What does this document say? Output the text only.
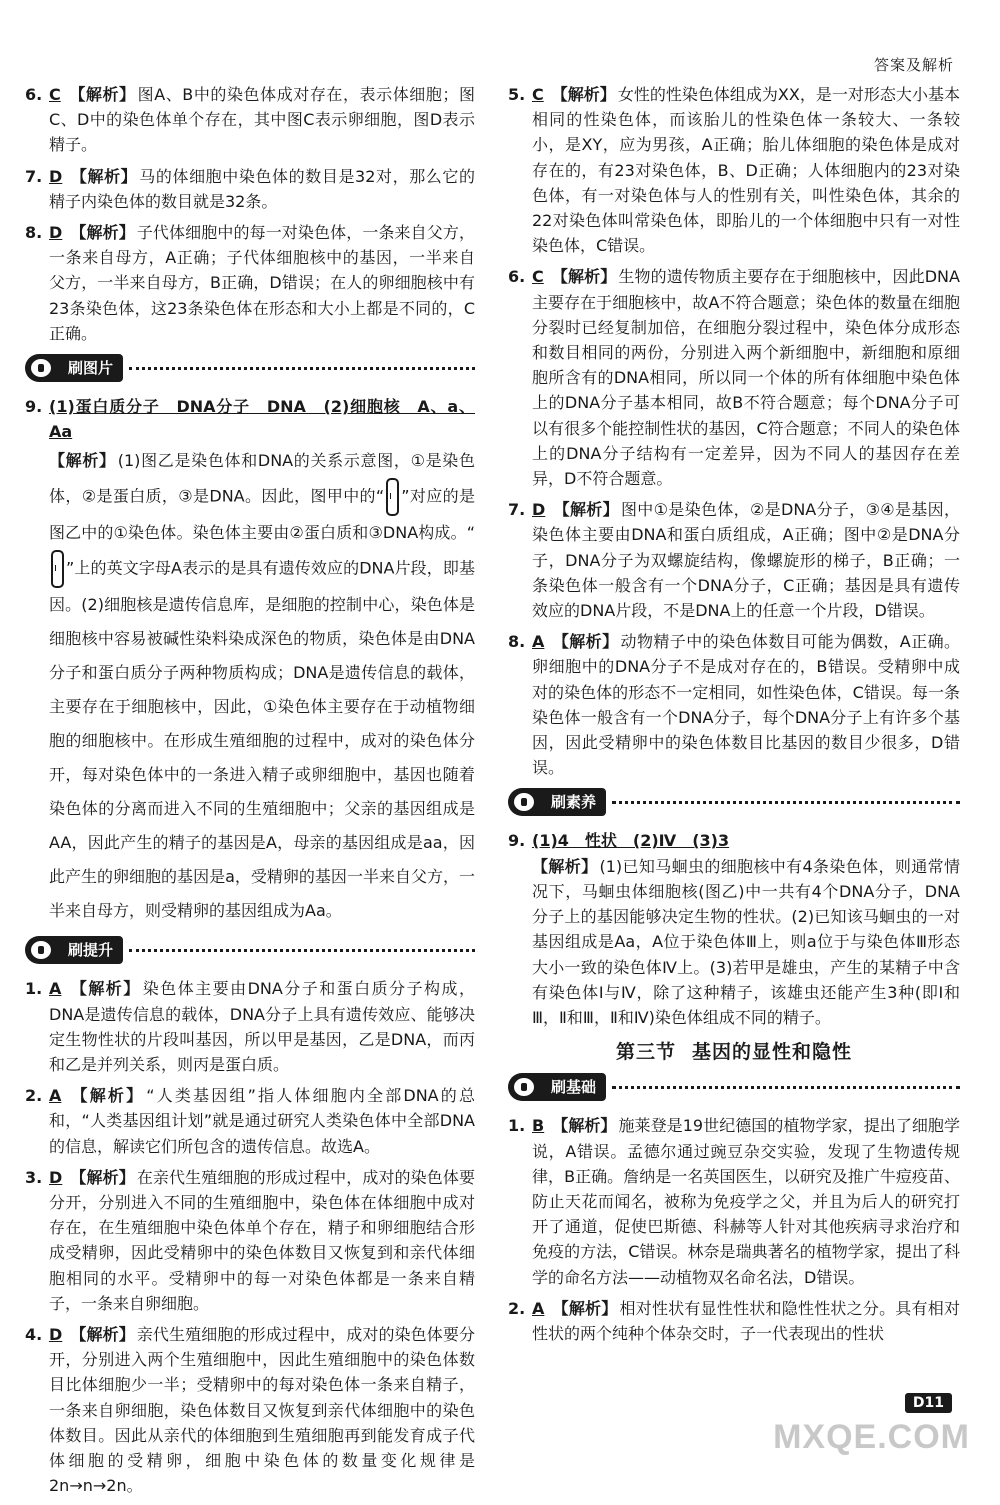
答案及解析
6. C 【解析】 图A、B中的染色体成对存在，表示体细胞；图C、D中的染色体单个存在，其中图C表示卵细胞，图D表示精子。
7. D 【解析】 马的体细胞中染色体的数目是32对，那么它的精子内染色体的数目就是32条。
8. D 【解析】 子代体细胞中的每一对染色体，一条来自父方，一条来自母方，A正确；子代体细胞核中的基因，一半来自父方，一半来自母方，B正确，D错误；在人的卵细胞核中有23条染色体，这23条染色体在形态和大小上都是不同的，C正确。
刷图片
9. (1)蛋白质分子　DNA分子　DNA　(2)细胞核　A、a、Aa
【解析】 (1)图乙是染色体和DNA的关系示意图，①是染色体，②是蛋白质，③是DNA。因此，图甲中的“ ”对应的是图乙中的①染色体。染色体主要由②蛋白质和③DNA构成。“”上的英文字母A表示的是具有遗传效应的DNA片段，即基因。(2)细胞核是遗传信息库，是细胞的控制中心，染色体是细胞核中容易被碱性染料染成深色的物质，染色体是由DNA分子和蛋白质分子两种物质构成；DNA是遗传信息的载体，主要存在于细胞核中，因此，①染色体主要存在于动植物细胞的细胞核中。在形成生殖细胞的过程中，成对的染色体分开，每对染色体中的一条进入精子或卵细胞中，基因也随着染色体的分离而进入不同的生殖细胞中；父亲的基因组成是AA，因此产生的精子的基因是A，母亲的基因组成是aa，因此产生的卵细胞的基因是a，受精卵的基因一半来自父方，一半来自母方，则受精卵的基因组成为Aa。
刷提升
1. A 【解析】 染色体主要由DNA分子和蛋白质分子构成，DNA是遗传信息的载体，DNA分子上具有遗传效应、能够决定生物性状的片段叫基因，所以甲是基因，乙是DNA，而丙和乙是并列关系，则丙是蛋白质。
2. A 【解析】 “人类基因组”指人体细胞内全部DNA的总和，“人类基因组计划”就是通过研究人类染色体中全部DNA的信息，解读它们所包含的遗传信息。故选A。
3. D 【解析】 在亲代生殖细胞的形成过程中，成对的染色体要分开，分别进入不同的生殖细胞中，染色体在体细胞中成对存在，在生殖细胞中染色体单个存在，精子和卵细胞结合形成受精卵，因此受精卵中的染色体数目又恢复到和亲代体细胞相同的水平。受精卵中的每一对染色体都是一条来自精子，一条来自卵细胞。
4. D 【解析】 亲代生殖细胞的形成过程中，成对的染色体要分开，分别进入两个生殖细胞中，因此生殖细胞中的染色体数目比体细胞少一半；受精卵中的每对染色体一条来自精子，一条来自卵细胞，染色体数目又恢复到亲代体细胞中的染色体数目。因此从亲代的体细胞到生殖细胞再到能发育成子代体细胞的受精卵，细胞中染色体的数量变化规律是2n→n→2n。
5. C 【解析】 女性的性染色体组成为XX，是一对形态大小基本相同的性染色体，而该胎儿的性染色体一条较大、一条较小，是XY，应为男孩，A正确；胎儿体细胞的染色体是成对存在的，有23对染色体，B、D正确；人体细胞内的23对染色体，有一对染色体与人的性别有关，叫性染色体，其余的22对染色体叫常染色体，即胎儿的一个体细胞中只有一对性染色体，C错误。
6. C 【解析】 生物的遗传物质主要存在于细胞核中，因此DNA主要存在于细胞核中，故A不符合题意；染色体的数量在细胞分裂时已经复制加倍，在细胞分裂过程中，染色体分成形态和数目相同的两份，分别进入两个新细胞中，新细胞和原细胞所含有的DNA相同，所以同一个体的所有体细胞中染色体上的DNA分子基本相同，故B不符合题意；每个DNA分子可以有很多个能控制性状的基因，C符合题意；不同人的染色体上的DNA分子结构有一定差异，因为不同人的基因存在差异，D不符合题意。
7. D 【解析】 图中①是染色体，②是DNA分子，③④是基因，染色体主要由DNA和蛋白质组成，A正确；图中②是DNA分子，DNA分子为双螺旋结构，像螺旋形的梯子，B正确；一条染色体一般含有一个DNA分子，C正确；基因是具有遗传效应的DNA片段，不是DNA上的任意一个片段，D错误。
8. A 【解析】 动物精子中的染色体数目可能为偶数，A正确。卵细胞中的DNA分子不是成对存在的，B错误。受精卵中成对的染色体的形态不一定相同，如性染色体，C错误。每一条染色体一般含有一个DNA分子，每个DNA分子上有许多个基因，因此受精卵中的染色体数目比基因的数目少很多，D错误。
刷素养
9. (1)4　性状　(2)Ⅳ　(3)3
【解析】 (1)已知马蛔虫的细胞核中有4条染色体，则通常情况下，马蛔虫体细胞核(图乙)中一共有4个DNA分子，DNA分子上的基因能够决定生物的性状。(2)已知该马蛔虫的一对基因组成是Aa，A位于染色体Ⅲ上，则a位于与染色体Ⅲ形态大小一致的染色体Ⅳ上。(3)若甲是雄虫，产生的某精子中含有染色体Ⅰ与Ⅳ，除了这种精子，该雄虫还能产生3种(即Ⅰ和Ⅲ，Ⅱ和Ⅲ，Ⅱ和Ⅳ)染色体组成不同的精子。
第三节 基因的显性和隐性
刷基础
1. B 【解析】 施莱登是19世纪德国的植物学家，提出了细胞学说，A错误。孟德尔通过豌豆杂交实验，发现了生物遗传规律，B正确。詹纳是一名英国医生，以研究及推广牛痘疫苗、防止天花而闻名，被称为免疫学之父，并且为后人的研究打开了通道，促使巴斯德、科赫等人针对其他疾病寻求治疗和免疫的方法，C错误。林奈是瑞典著名的植物学家，提出了科学的命名方法——动植物双名命名法，D错误。
2. A 【解析】 相对性状有显性性状和隐性性状之分。具有相对性状的两个纯种个体杂交时，子一代表现出的性状
D11
MXQE.COM
